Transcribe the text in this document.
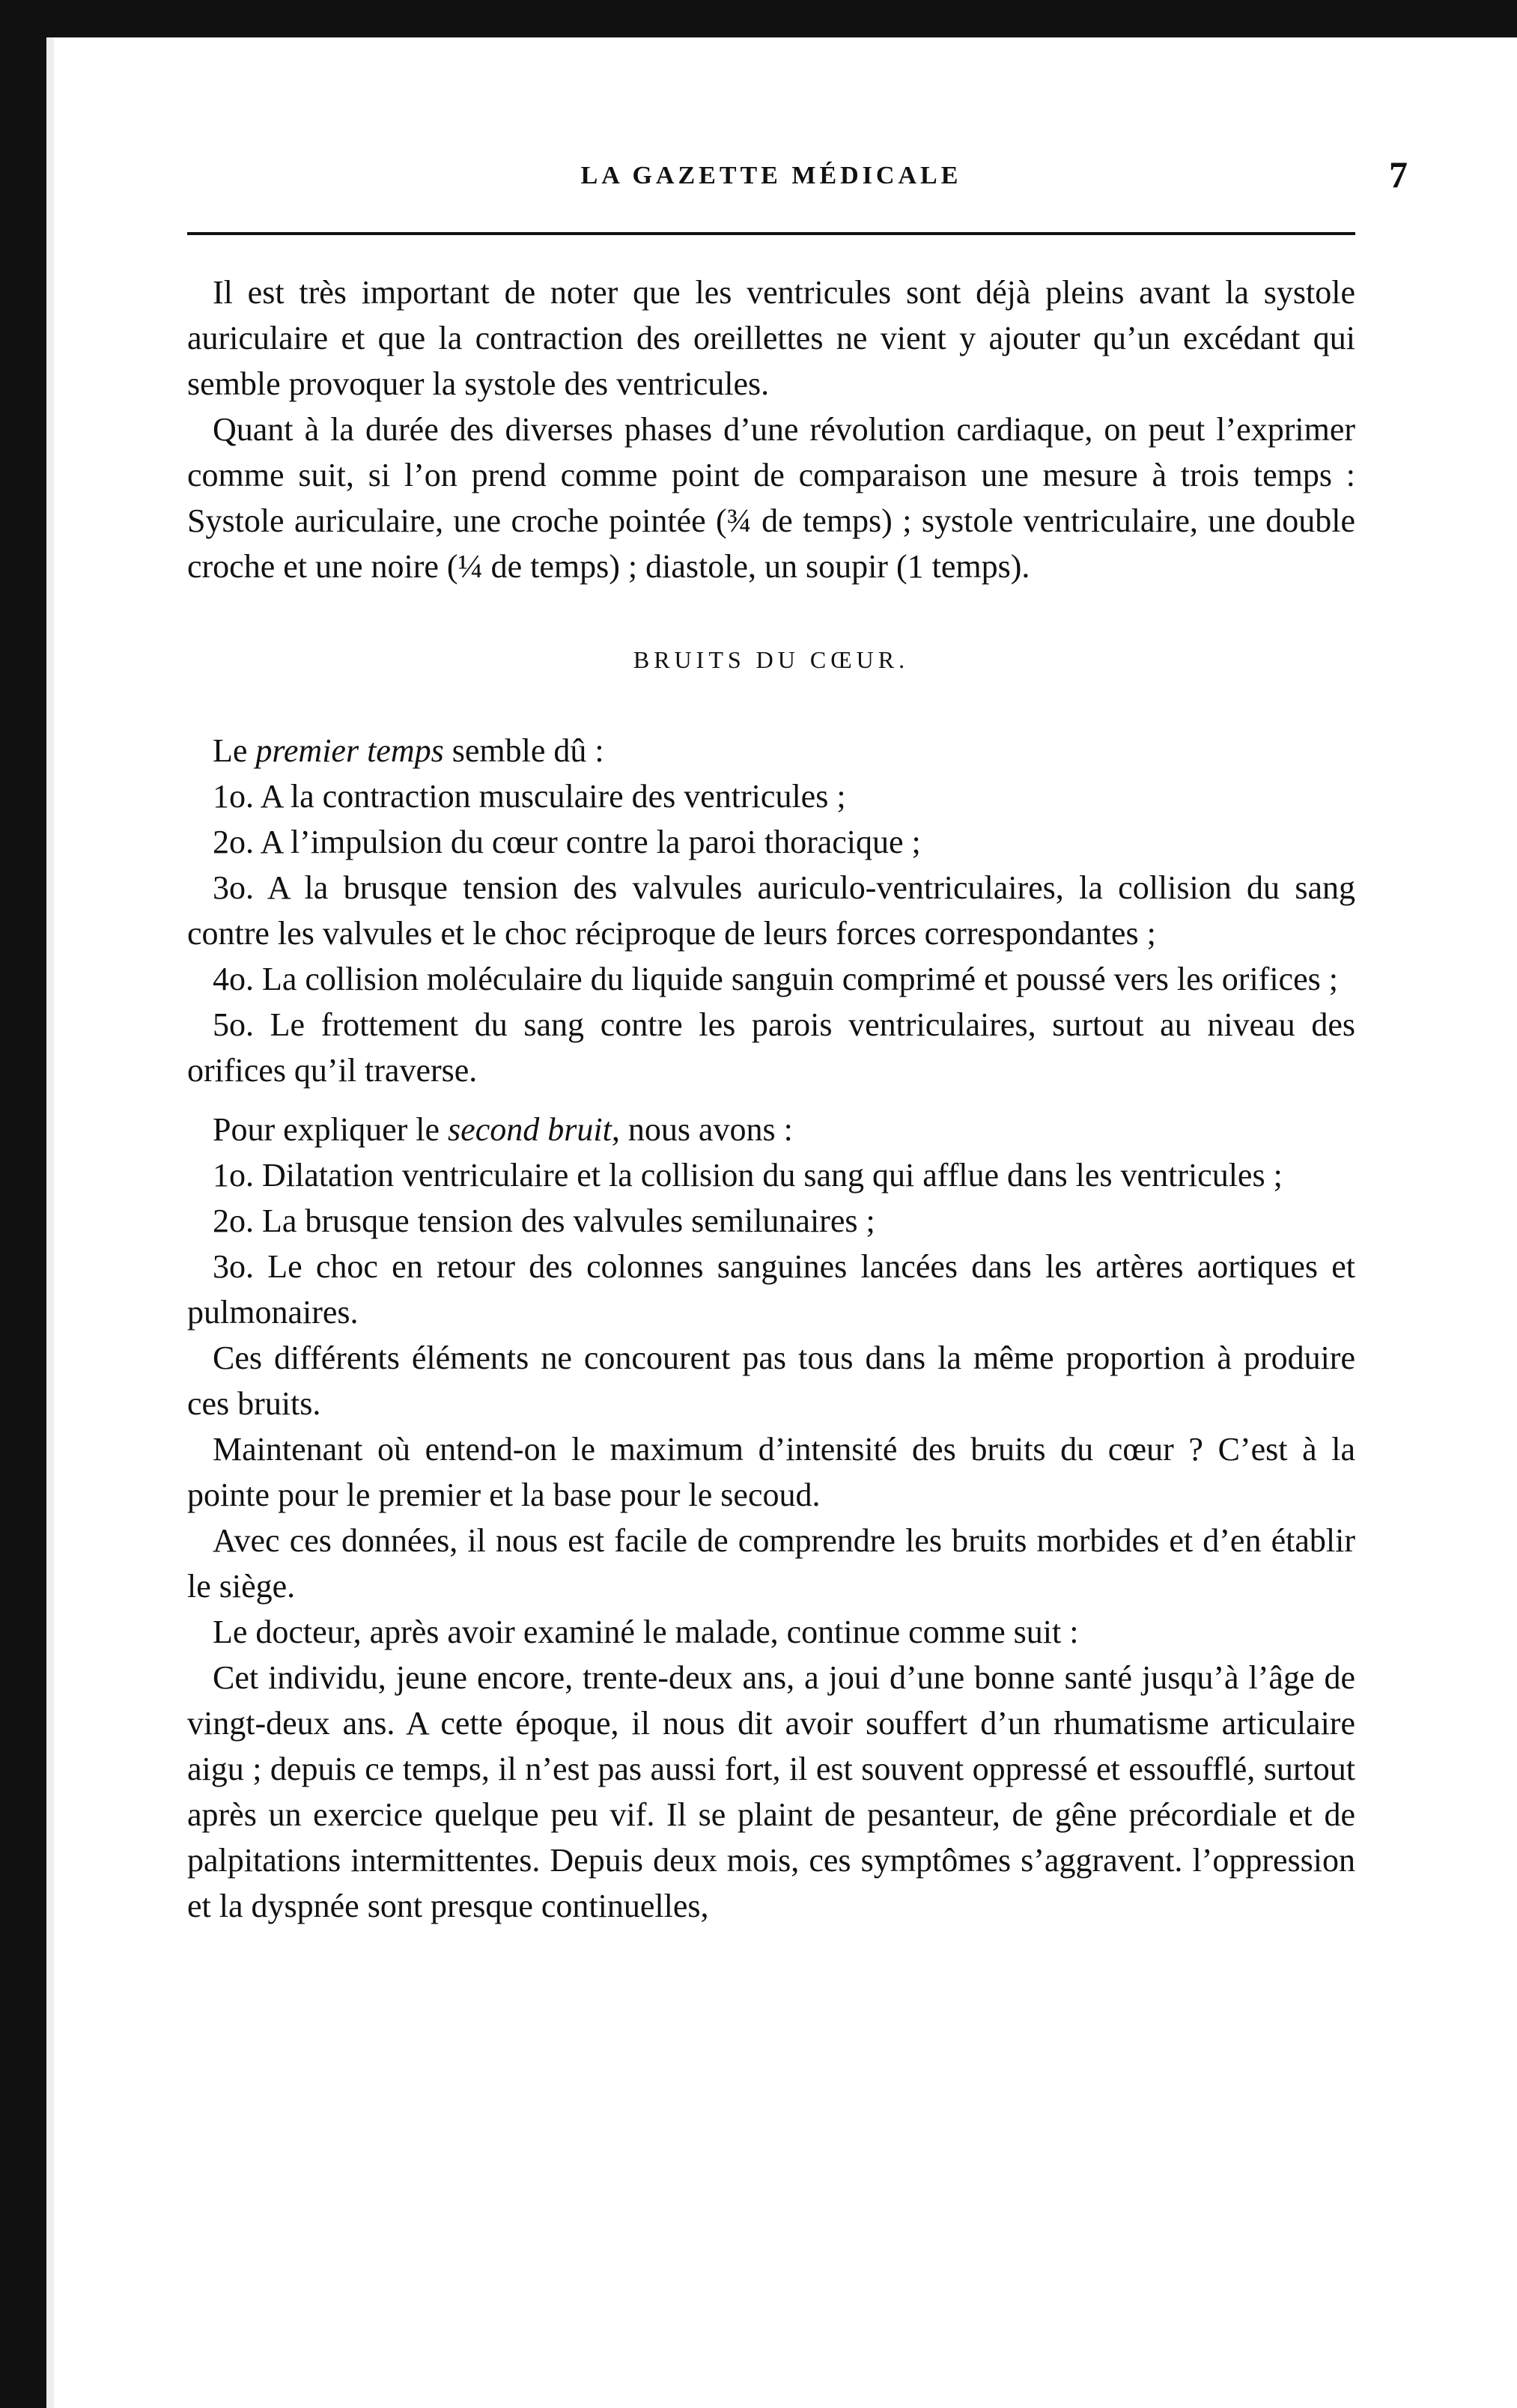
LA GAZETTE MÉDICALE	7

Il est très important de noter que les ventricules sont déjà pleins avant la systole auriculaire et que la contraction des oreillettes ne vient y ajouter qu’un excédant qui semble provoquer la systole des ventricules.

Quant à la durée des diverses phases d’une révolution cardiaque, on peut l’exprimer comme suit, si l’on prend comme point de comparaison une mesure à trois temps : Systole auriculaire, une croche pointée (¾ de temps) ; systole ventriculaire, une double croche et une noire (¼ de temps) ; diastole, un soupir (1 temps).

BRUITS DU CŒUR.

Le premier temps semble dû :

1o. A la contraction musculaire des ventricules ;

2o. A l’impulsion du cœur contre la paroi thoracique ;

3o. A la brusque tension des valvules auriculo-ventriculaires, la collision du sang contre les valvules et le choc réciproque de leurs forces correspondantes ;

4o. La collision moléculaire du liquide sanguin comprimé et poussé vers les orifices ;

5o. Le frottement du sang contre les parois ventriculaires, surtout au niveau des orifices qu’il traverse.

Pour expliquer le second bruit, nous avons :

1o. Dilatation ventriculaire et la collision du sang qui afflue dans les ventricules ;

2o. La brusque tension des valvules semilunaires ;

3o. Le choc en retour des colonnes sanguines lancées dans les artères aortiques et pulmonaires.

Ces différents éléments ne concourent pas tous dans la même proportion à produire ces bruits.

Maintenant où entend-on le maximum d’intensité des bruits du cœur ? C’est à la pointe pour le premier et la base pour le secoud.

Avec ces données, il nous est facile de comprendre les bruits morbides et d’en établir le siège.

Le docteur, après avoir examiné le malade, continue comme suit :

Cet individu, jeune encore, trente-deux ans, a joui d’une bonne santé jusqu’à l’âge de vingt-deux ans. A cette époque, il nous dit avoir souffert d’un rhumatisme articulaire aigu ; depuis ce temps, il n’est pas aussi fort, il est souvent oppressé et essoufflé, surtout après un exercice quelque peu vif. Il se plaint de pesanteur, de gêne précordiale et de palpitations intermittentes. Depuis deux mois, ces symptômes s’aggravent. l’oppression et la dyspnée sont presque continuelles,
